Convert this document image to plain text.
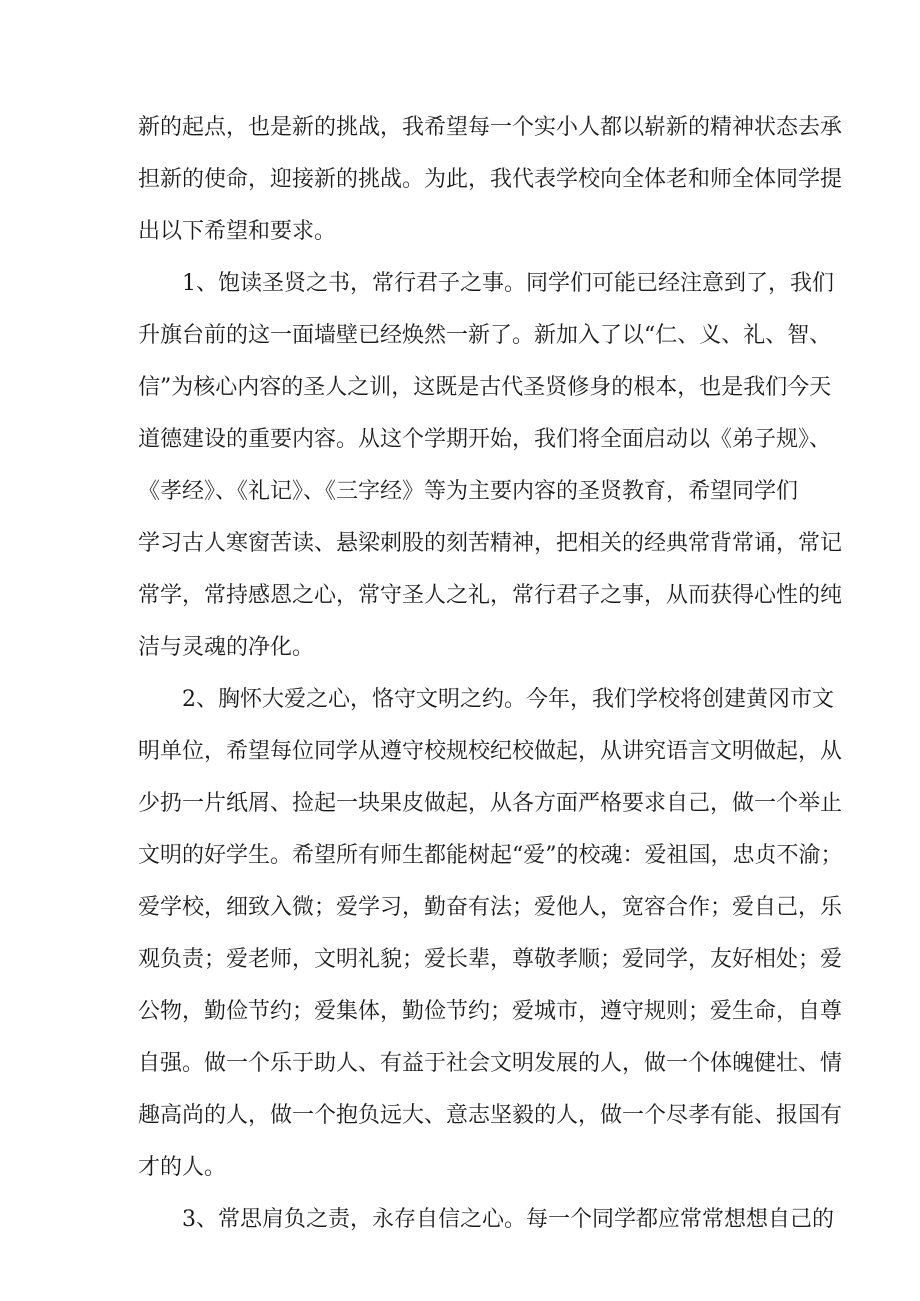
新的起点，也是新的挑战，我希望每一个实小人都以崭新的精神状态去承
担新的使命，迎接新的挑战。为此，我代表学校向全体老和师全体同学提
出以下希望和要求。
1、饱读圣贤之书，常行君子之事。同学们可能已经注意到了，我们
升旗台前的这一面墙壁已经焕然一新了。新加入了以“仁、义、礼、智、
信”为核心内容的圣人之训，这既是古代圣贤修身的根本，也是我们今天
道德建设的重要内容。从这个学期开始，我们将全面启动以《弟子规》、
《孝经》、《礼记》、《三字经》等为主要内容的圣贤教育，希望同学们
学习古人寒窗苦读、悬梁刺股的刻苦精神，把相关的经典常背常诵，常记
常学，常持感恩之心，常守圣人之礼，常行君子之事，从而获得心性的纯
洁与灵魂的净化。
2、胸怀大爱之心，恪守文明之约。今年，我们学校将创建黄冈市文
明单位，希望每位同学从遵守校规校纪校做起，从讲究语言文明做起，从
少扔一片纸屑、捡起一块果皮做起，从各方面严格要求自己，做一个举止
文明的好学生。希望所有师生都能树起“爱”的校魂：爱祖国，忠贞不渝；
爱学校，细致入微；爱学习，勤奋有法；爱他人，宽容合作；爱自己，乐
观负责；爱老师，文明礼貌；爱长辈，尊敬孝顺；爱同学，友好相处；爱
公物，勤俭节约；爱集体，勤俭节约；爱城市，遵守规则；爱生命，自尊
自强。做一个乐于助人、有益于社会文明发展的人，做一个体魄健壮、情
趣高尚的人，做一个抱负远大、意志坚毅的人，做一个尽孝有能、报国有
才的人。
3、常思肩负之责，永存自信之心。每一个同学都应常常想想自己的
